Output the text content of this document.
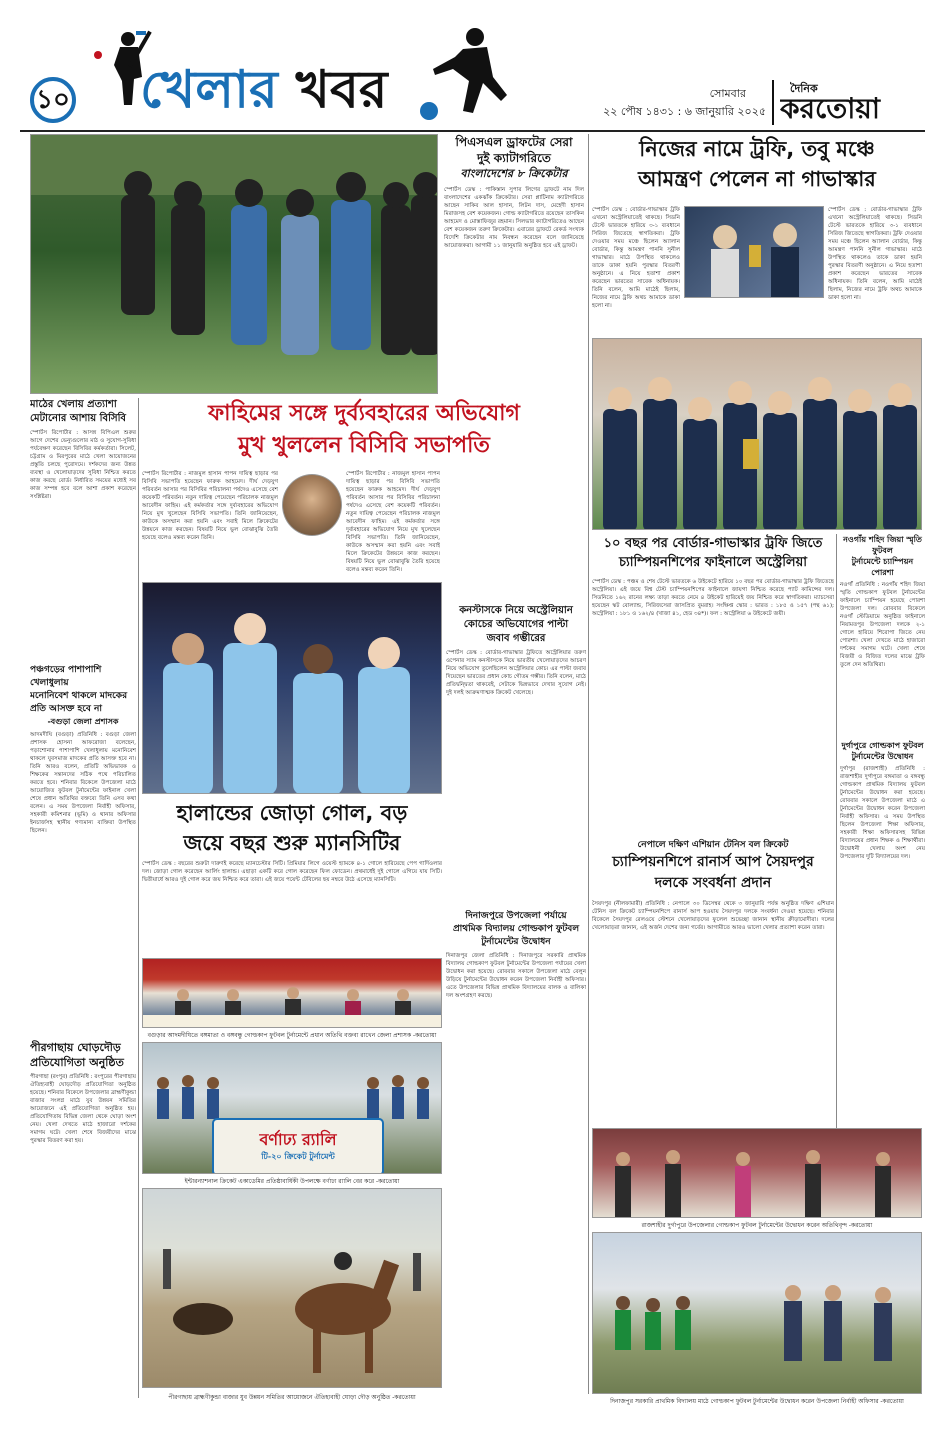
১০ খেলার খবর	সোমবার
২২ পৌষ ১৪৩১ : ৬ জানুয়ারি ২০২৫
দৈনিক
করতোয়া
পিএসএল ড্রাফটের সেরা
দুই ক্যাটাগরিতে
বাংলাদেশের ৮ ক্রিকেটার
স্পোর্টস ডেস্ক : পাকিস্তান সুপার লিগের ড্রাফটে নাম দিল বাংলাদেশের একঝাঁক ক্রিকেটার। সেরা প্লাটিনাম ক্যাটাগরিতে আছেন সাকিব আল হাসান, লিটন দাস, মেহেদী হাসান মিরাজসহ বেশ কয়েকজন। গোল্ড ক্যাটাগরিতে রয়েছেন তাসকিন আহমেদ ও মোস্তাফিজুর রহমান। সিলভার ক্যাটাগরিতেও আছেন বেশ কয়েকজন তরুণ ক্রিকেটার। এবারের ড্রাফটে রেকর্ড সংখ্যক বিদেশি ক্রিকেটার নাম নিবন্ধন করেছেন বলে জানিয়েছে আয়োজকরা। আগামী ১১ জানুয়ারি অনুষ্ঠিত হবে এই ড্রাফট।
নিজের নামে ট্রফি, তবু মঞ্চে
আমন্ত্রণ পেলেন না গাভাস্কার
স্পোর্টস ডেস্ক : বোর্ডার-গাভাস্কার ট্রফি এখনো অস্ট্রেলিয়াতেই থাকছে। সিডনি টেস্টে ভারতকে হারিয়ে ৩-১ ব্যবধানে সিরিজ জিতেছে স্বাগতিকরা। ট্রফি দেওয়ার সময় মঞ্চে ছিলেন অ্যালান বোর্ডার, কিন্তু আমন্ত্রণ পাননি সুনীল গাভাস্কার। মাঠে উপস্থিত থাকলেও তাকে ডাকা হয়নি পুরস্কার বিতরণী অনুষ্ঠানে। এ নিয়ে হতাশা প্রকাশ করেছেন ভারতের সাবেক অধিনায়ক। তিনি বলেন, আমি মাঠেই ছিলাম, নিজের নামে ট্রফি অথচ আমাকে ডাকা হলো না।
স্পোর্টস ডেস্ক : বোর্ডার-গাভাস্কার ট্রফি এখনো অস্ট্রেলিয়াতেই থাকছে। সিডনি টেস্টে ভারতকে হারিয়ে ৩-১ ব্যবধানে সিরিজ জিতেছে স্বাগতিকরা। ট্রফি দেওয়ার সময় মঞ্চে ছিলেন অ্যালান বোর্ডার, কিন্তু আমন্ত্রণ পাননি সুনীল গাভাস্কার। মাঠে উপস্থিত থাকলেও তাকে ডাকা হয়নি পুরস্কার বিতরণী অনুষ্ঠানে। এ নিয়ে হতাশা প্রকাশ করেছেন ভারতের সাবেক অধিনায়ক। তিনি বলেন, আমি মাঠেই ছিলাম, নিজের নামে ট্রফি অথচ আমাকে ডাকা হলো না।
ফাহিমের সঙ্গে দুর্ব্যবহারের অভিযোগ
মুখ খুললেন বিসিবি সভাপতি
মাঠের খেলায় প্রত্যাশা
মেটানোর আশায় বিসিবি
স্পোর্টস রিপোর্টার : আসন্ন বিপিএল শুরুর আগে দেশের ভেন্যুগুলোর মাঠ ও সুযোগ-সুবিধা পর্যবেক্ষণ করেছেন বিসিবির কর্মকর্তারা। সিলেট, চট্টগ্রাম ও মিরপুরের মাঠে খেলা আয়োজনের প্রস্তুতি চলছে পুরোদমে। দর্শকদের জন্য উন্নত ব্যবস্থা ও খেলোয়াড়দের সুবিধা নিশ্চিত করতে কাজ করছে বোর্ড। নির্ধারিত সময়ের মধ্যেই সব কাজ সম্পন্ন হবে বলে আশা প্রকাশ করেছেন সংশ্লিষ্টরা।
স্পোর্টস রিপোর্টার : নাজমুল হাসান পাপন দায়িত্ব ছাড়ার পর বিসিবি সভাপতি হয়েছেন ফারুক আহমেদ। দীর্ঘ দেড়যুগ পরিবর্তন আসার পর বিসিবির পরিচালনা পর্ষদেও এসেছে বেশ কয়েকটি পরিবর্তন। নতুন দায়িত্ব পেয়েছেন পরিচালক নাজমুল আবেদীন ফাহিম। এই কর্মকর্তার সঙ্গে দুর্ব্যবহারের অভিযোগ নিয়ে মুখ খুলেছেন বিসিবি সভাপতি। তিনি জানিয়েছেন, কাউকে অসম্মান করা হয়নি এবং সবাই মিলে ক্রিকেটের উন্নয়নে কাজ করছেন। বিষয়টি নিয়ে ভুল বোঝাবুঝি তৈরি হয়েছে বলেও মন্তব্য করেন তিনি।
স্পোর্টস রিপোর্টার : নাজমুল হাসান পাপন দায়িত্ব ছাড়ার পর বিসিবি সভাপতি হয়েছেন ফারুক আহমেদ। দীর্ঘ দেড়যুগ পরিবর্তন আসার পর বিসিবির পরিচালনা পর্ষদেও এসেছে বেশ কয়েকটি পরিবর্তন। নতুন দায়িত্ব পেয়েছেন পরিচালক নাজমুল আবেদীন ফাহিম। এই কর্মকর্তার সঙ্গে দুর্ব্যবহারের অভিযোগ নিয়ে মুখ খুলেছেন বিসিবি সভাপতি। তিনি জানিয়েছেন, কাউকে অসম্মান করা হয়নি এবং সবাই মিলে ক্রিকেটের উন্নয়নে কাজ করছেন। বিষয়টি নিয়ে ভুল বোঝাবুঝি তৈরি হয়েছে বলেও মন্তব্য করেন তিনি।
কনস্টাসকে নিয়ে অস্ট্রেলিয়ান
কোচের অভিযোগের পাল্টা
জবাব গম্ভীরের
স্পোর্টস ডেস্ক : বোর্ডার-গাভাস্কার ট্রফিতে অস্ট্রেলিয়ার তরুণ ওপেনার স্যাম কনস্টাসকে নিয়ে ভারতীয় খেলোয়াড়দের আচরণ নিয়ে অভিযোগ তুলেছিলেন অস্ট্রেলিয়ার কোচ। এর পাল্টা জবাব দিয়েছেন ভারতের প্রধান কোচ গৌতম গম্ভীর। তিনি বলেন, মাঠে প্রতিদ্বন্দ্বিতা থাকবেই, সেটাকে ভিন্নভাবে দেখার সুযোগ নেই। দুই দলই আক্রমণাত্মক ক্রিকেট খেলেছে।
১০ বছর পর বোর্ডার-গাভাস্কার ট্রফি জিতে
চ্যাম্পিয়নশিপের ফাইনালে অস্ট্রেলিয়া
স্পোর্টস ডেস্ক : পঞ্চম ও শেষ টেস্টে ভারতকে ৬ উইকেটে হারিয়ে ১০ বছর পর বোর্ডার-গাভাস্কার ট্রফি জিতেছে অস্ট্রেলিয়া। এই জয়ে বিশ্ব টেস্ট চ্যাম্পিয়নশিপের ফাইনালে জায়গা নিশ্চিত করেছে প্যাট কামিন্সের দল। সিডনিতে ১৬২ রানের লক্ষ্য তাড়া করতে নেমে ৪ উইকেট হারিয়েই জয় নিশ্চিত করে স্বাগতিকরা। ম্যাচসেরা হয়েছেন স্কট বোল্যান্ড, সিরিজসেরা জাসপ্রিত বুমরাহ। সংক্ষিপ্ত স্কোর : ভারত : ১৮৫ ও ১৫৭ (পন্থ ৬১); অস্ট্রেলিয়া : ১৮১ ও ১৬২/৪ (খাজা ৪১, হেড ৩৪*)। ফল : অস্ট্রেলিয়া ৬ উইকেটে জয়ী।
নওগাঁয় শহিদ জিয়া স্মৃতি ফুটবল
টুর্নামেন্টে চ্যাম্পিয়ন পোরশা
নওগাঁ প্রতিনিধি : নওগাঁয় শহিদ জিয়া স্মৃতি গোল্ডকাপ ফুটবল টুর্নামেন্টের ফাইনালে চ্যাম্পিয়ন হয়েছে পোরশা উপজেলা দল। রোববার বিকেলে নওগাঁ স্টেডিয়ামে অনুষ্ঠিত ফাইনালে নিয়ামতপুর উপজেলা দলকে ২-১ গোলে হারিয়ে শিরোপা জিতে নেয় পোরশা। খেলা দেখতে মাঠে হাজারো দর্শকের সমাগম ঘটে। খেলা শেষে বিজয়ী ও বিজিত দলের মাঝে ট্রফি তুলে দেন অতিথিরা।
দুর্গাপুরে গোল্ডকাপ ফুটবল টুর্নামেন্টের উদ্বোধন
দুর্গাপুর (রাজশাহী) প্রতিনিধি : রাজশাহীর দুর্গাপুরে বঙ্গমাতা ও বঙ্গবন্ধু গোল্ডকাপ প্রাথমিক বিদ্যালয় ফুটবল টুর্নামেন্টের উদ্বোধন করা হয়েছে। রোববার সকালে উপজেলা মাঠে এ টুর্নামেন্টের উদ্বোধন করেন উপজেলা নির্বাহী অফিসার। এ সময় উপস্থিত ছিলেন উপজেলা শিক্ষা অফিসার, সহকারী শিক্ষা অফিসারসহ বিভিন্ন বিদ্যালয়ের প্রধান শিক্ষক ও শিক্ষার্থীরা। উদ্বোধনী খেলায় অংশ নেয় উপজেলার দুটি বিদ্যালয়ের দল।
পঞ্চগড়ের পাশাপাশি খেলাধুলায়
মনোনিবেশ থাকলে মাদকের
প্রতি আসক্ত হবে না
-বগুড়া জেলা প্রশাসক
আদমদীঘি (বগুড়া) প্রতিনিধি : বগুড়া জেলা প্রশাসক হোসনা আফরোজা বলেছেন, পড়াশোনার পাশাপাশি খেলাধুলায় মনোনিবেশ থাকলে যুবসমাজ মাদকের প্রতি আসক্ত হবে না। তিনি আরও বলেন, প্রতিটি অভিভাবক ও শিক্ষকের সন্তানদের সঠিক পথে পরিচালিত করতে হবে। শনিবার বিকেলে উপজেলা মাঠে আয়োজিত ফুটবল টুর্নামেন্টের ফাইনাল খেলা শেষে প্রধান অতিথির বক্তব্যে তিনি এসব কথা বলেন। এ সময় উপজেলা নির্বাহী অফিসার, সহকারী কমিশনার (ভূমি) ও থানার অফিসার ইনচার্জসহ স্থানীয় গণ্যমান্য ব্যক্তিরা উপস্থিত ছিলেন।
হালান্ডের জোড়া গোল, বড়
জয়ে বছর শুরু ম্যানসিটির
স্পোর্টস ডেস্ক : বছরের শুরুটা দারুণই করেছে ম্যানচেস্টার সিটি। প্রিমিয়ার লিগে ওয়েস্ট হ্যামকে ৪-১ গোলে হারিয়েছে পেপ গার্দিওলার দল। জোড়া গোল করেছেন আর্লিং হালান্ড। এছাড়া একটি করে গোল করেছেন ফিল ফোডেন। প্রথমার্ধেই দুই গোলে এগিয়ে যায় সিটি। দ্বিতীয়ার্ধে আরও দুই গোল করে জয় নিশ্চিত করে তারা। এই জয়ে পয়েন্ট টেবিলের ছয় নম্বরে উঠে এসেছে ম্যানসিটি।
বগুড়ার আদমদীঘিতে বঙ্গমাতা ও বঙ্গবন্ধু গোল্ডকাপ ফুটবল টুর্নামেন্টে প্রধান অতিথি বক্তব্য রাখেন জেলা প্রশাসক -করতোয়া
পীরগাছায় ঘোড়দৌড়
প্রতিযোগিতা অনুষ্ঠিত
পীরগাছা (রংপুর) প্রতিনিধি : রংপুরের পীরগাছায় ঐতিহ্যবাহী ঘোড়দৌড় প্রতিযোগিতা অনুষ্ঠিত হয়েছে। শনিবার বিকেলে উপজেলার ব্রাহ্মণীকুন্ডা বাজার সংলগ্ন মাঠে যুব উন্নয়ন সমিতির আয়োজনে এই প্রতিযোগিতা অনুষ্ঠিত হয়। প্রতিযোগিতায় বিভিন্ন জেলা থেকে ঘোড়া অংশ নেয়। খেলা দেখতে মাঠে হাজারো দর্শকের সমাগম ঘটে। খেলা শেষে বিজয়ীদের মাঝে পুরস্কার বিতরণ করা হয়।	বর্ণাঢ্য র‍্যালি
টি-২০ ক্রিকেট টুর্নামেন্ট
ইন্টারন্যাশনাল ক্রিকেট একাডেমির প্রতিষ্ঠাবার্ষিকী উপলক্ষে বর্ণাঢ্য র‍্যালি বের করে -করতোয়া
পীরগাছায় ব্রাহ্মণীকুন্ডা বাজার যুব উন্নয়ন সমিতির আয়োজনে ঐতিহ্যবাহী ঘোড়া দৌড় অনুষ্ঠিত -করতোয়া
দিনাজপুরে উপজেলা পর্যায়ে
প্রাথমিক বিদ্যালয় গোল্ডকাপ ফুটবল
টুর্নামেন্টের উদ্বোধন
দিনাজপুর জেলা প্রতিনিধি : দিনাজপুরে সরকারি প্রাথমিক বিদ্যালয় গোল্ডকাপ ফুটবল টুর্নামেন্টের উপজেলা পর্যায়ের খেলা উদ্বোধন করা হয়েছে। রোববার সকালে উপজেলা মাঠে বেলুন উড়িয়ে টুর্নামেন্টের উদ্বোধন করেন উপজেলা নির্বাহী অফিসার। এতে উপজেলার বিভিন্ন প্রাথমিক বিদ্যালয়ের বালক ও বালিকা দল অংশগ্রহণ করছে।
নেপালে দক্ষিণ এশিয়ান টেনিস বল ক্রিকেট
চ্যাম্পিয়নশিপে রানার্স আপ সৈয়দপুর
দলকে সংবর্ধনা প্রদান
সৈয়দপুর (নীলফামারী) প্রতিনিধি : নেপালে ৩০ ডিসেম্বর থেকে ৩ জানুয়ারি পর্যন্ত অনুষ্ঠিত দক্ষিণ এশিয়ান টেনিস বল ক্রিকেট চ্যাম্পিয়নশিপে রানার্স আপ হওয়ায় সৈয়দপুর দলকে সংবর্ধনা দেওয়া হয়েছে। শনিবার বিকেলে সৈয়দপুর রেলওয়ে স্টেশনে খেলোয়াড়দের ফুলেল শুভেচ্ছা জানান স্থানীয় ক্রীড়ামোদীরা। দলের খেলোয়াড়রা জানান, এই অর্জন দেশের জন্য গর্বের। আগামীতে আরও ভালো খেলার প্রত্যাশা করেন তারা।
রাজশাহীর দুর্গাপুরে উপজেলার গোল্ডকাপ ফুটবল টুর্নামেন্টের উদ্বোধন করেন অতিথিবৃন্দ -করতোয়া
দিনাজপুর সরকারি প্রাথমিক বিদ্যালয় মাঠে গোল্ডকাপ ফুটবল টুর্নামেন্টের উদ্বোধন করেন উপজেলা নির্বাহী অফিসার -করতোয়া
